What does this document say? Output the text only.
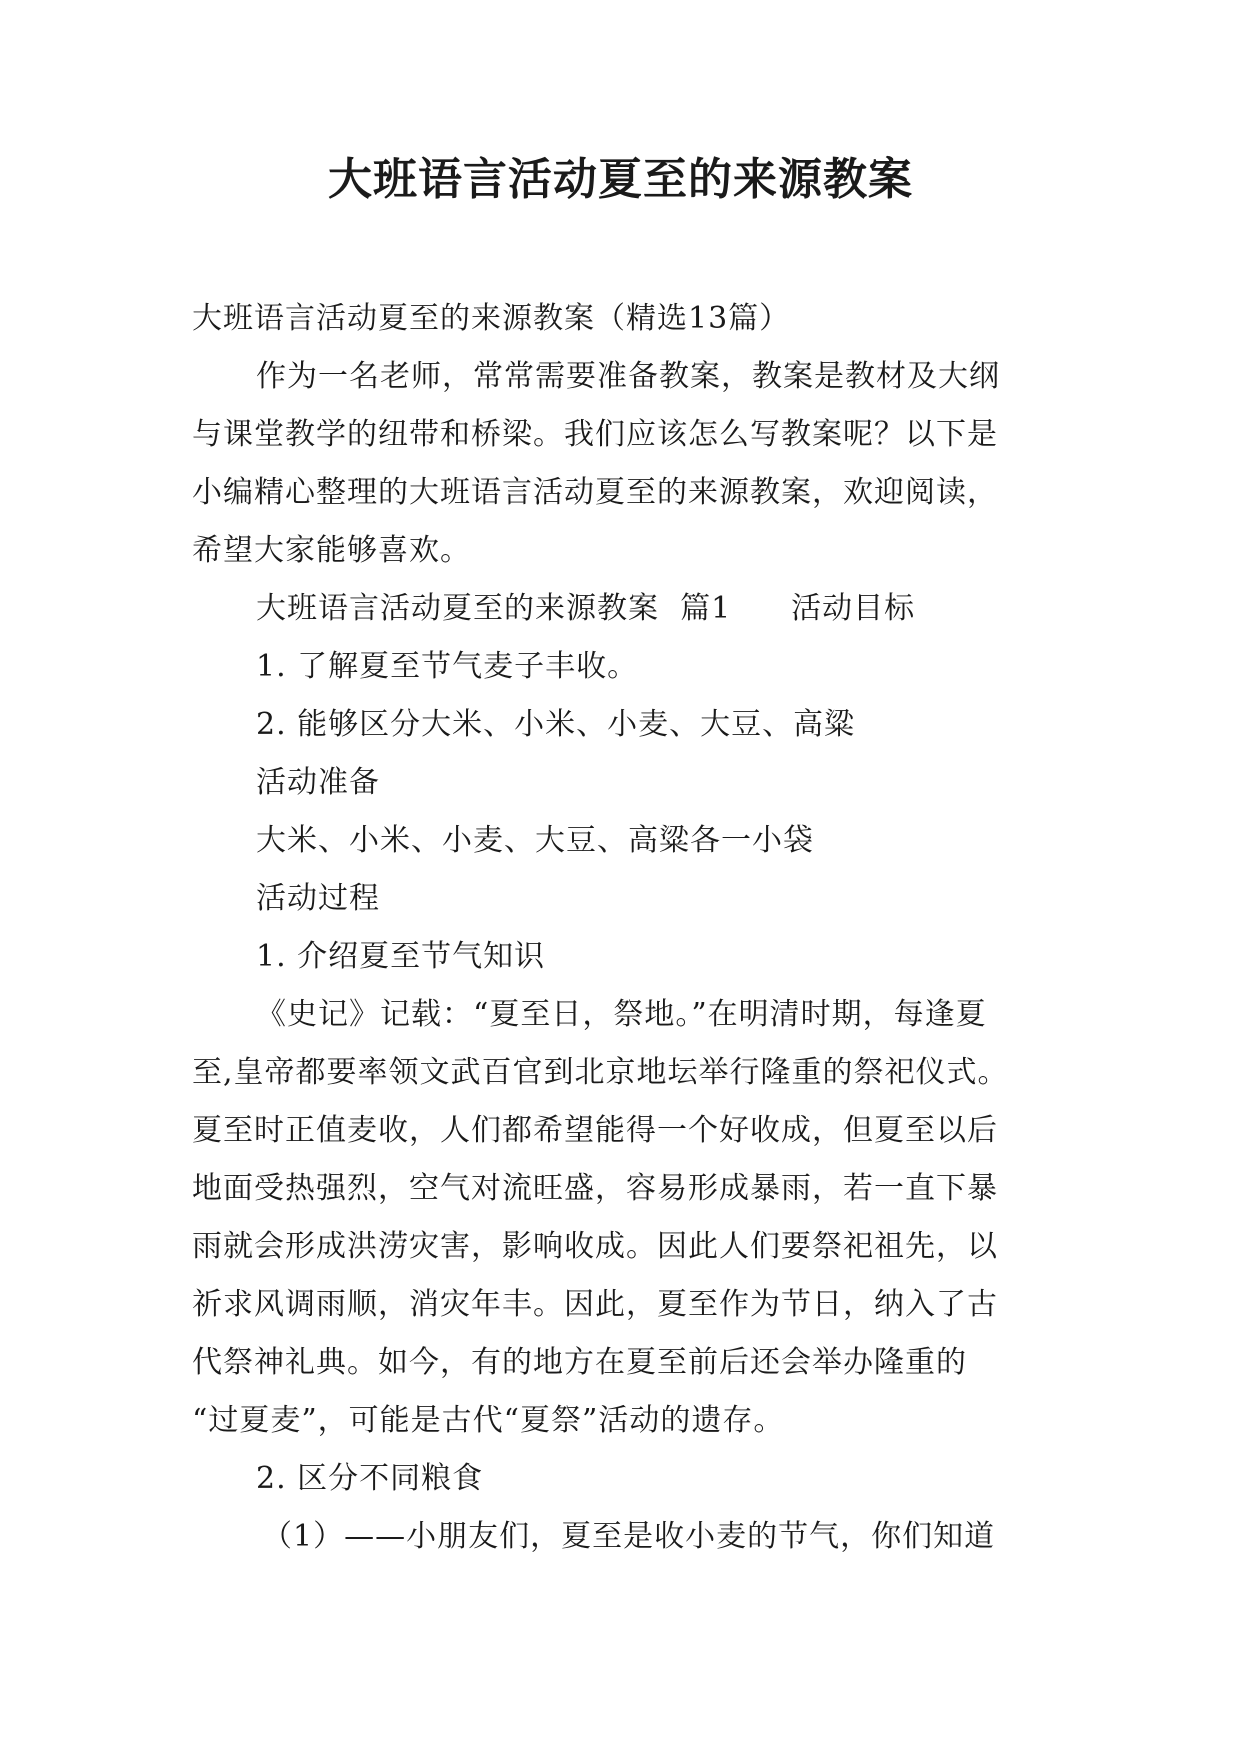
大班语言活动夏至的来源教案

大班语言活动夏至的来源教案（精选13篇）

作为一名老师，常常需要准备教案，教案是教材及大纲

与课堂教学的纽带和桥梁。我们应该怎么写教案呢？以下是

小编精心整理的大班语言活动夏至的来源教案，欢迎阅读，

希望大家能够喜欢。

大班语言活动夏至的来源教案  篇1 活动目标

1. 了解夏至节气麦子丰收。

2. 能够区分大米、小米、小麦、大豆、高粱

活动准备

大米、小米、小麦、大豆、高粱各一小袋

活动过程

1. 介绍夏至节气知识

《史记》记载：“夏至日，祭地。”在明清时期，每逢夏

至,皇帝都要率领文武百官到北京地坛举行隆重的祭祀仪式。

夏至时正值麦收，人们都希望能得一个好收成，但夏至以后

地面受热强烈，空气对流旺盛，容易形成暴雨，若一直下暴

雨就会形成洪涝灾害，影响收成。因此人们要祭祀祖先，以

祈求风调雨顺，消灾年丰。因此，夏至作为节日，纳入了古

代祭神礼典。如今，有的地方在夏至前后还会举办隆重的

“过夏麦”，可能是古代“夏祭”活动的遗存。

2. 区分不同粮食

（1）——小朋友们，夏至是收小麦的节气，你们知道
